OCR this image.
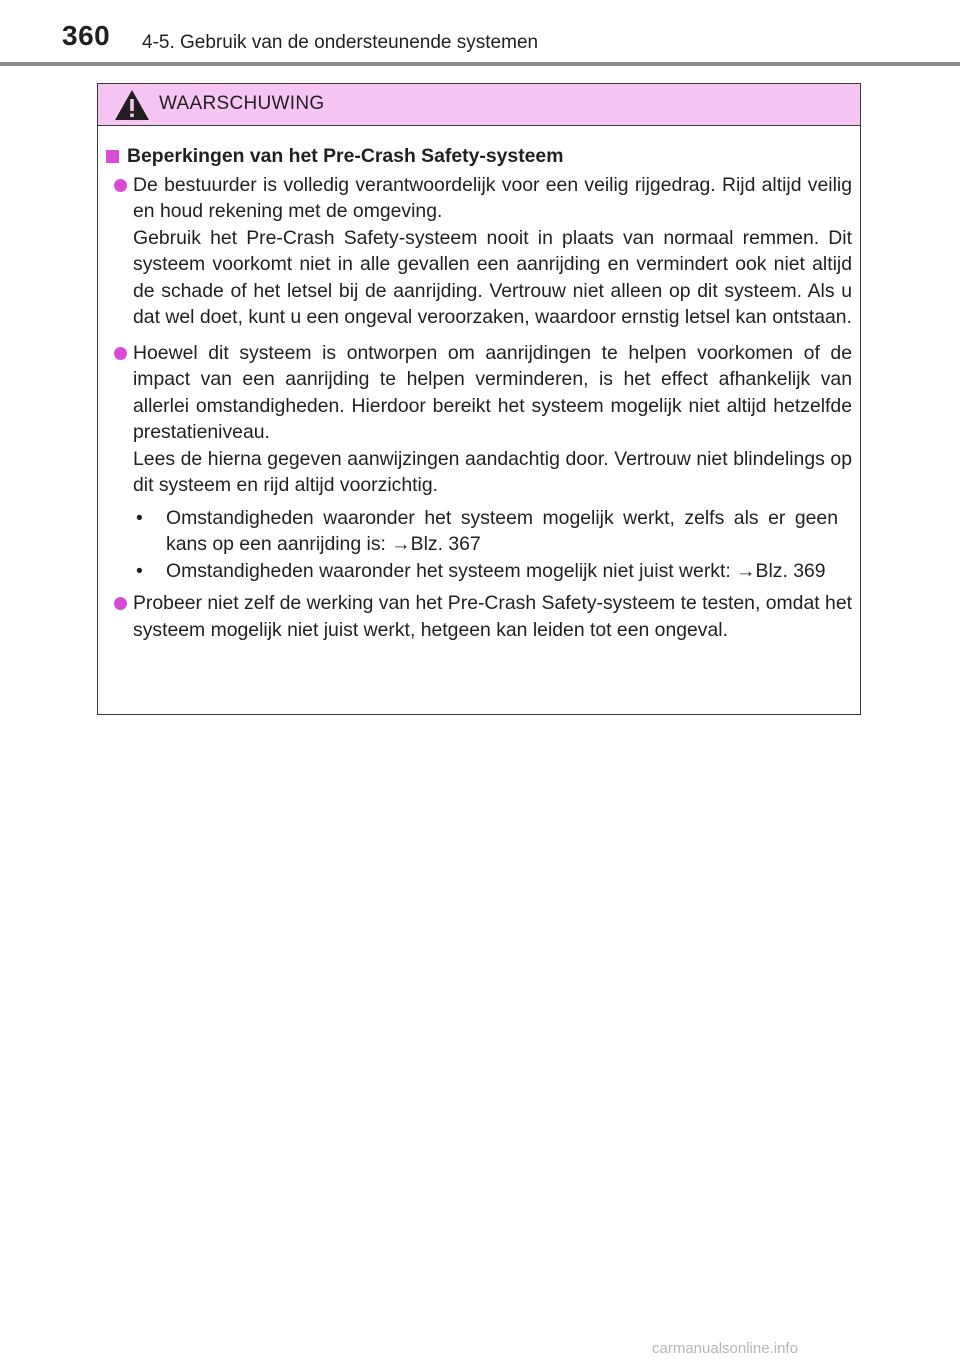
360 4-5. Gebruik van de ondersteunende systemen
WAARSCHUWING
Beperkingen van het Pre-Crash Safety-systeem
De bestuurder is volledig verantwoordelijk voor een veilig rijgedrag. Rijd altijd veilig en houd rekening met de omgeving.
Gebruik het Pre-Crash Safety-systeem nooit in plaats van normaal remmen. Dit systeem voorkomt niet in alle gevallen een aanrijding en vermindert ook niet altijd de schade of het letsel bij de aanrijding. Vertrouw niet alleen op dit systeem. Als u dat wel doet, kunt u een ongeval veroorzaken, waardoor ernstig letsel kan ontstaan.
Hoewel dit systeem is ontworpen om aanrijdingen te helpen voorkomen of de impact van een aanrijding te helpen verminderen, is het effect afhankelijk van allerlei omstandigheden. Hierdoor bereikt het systeem mogelijk niet altijd hetzelfde prestatieniveau.
Lees de hierna gegeven aanwijzingen aandachtig door. Vertrouw niet blindelings op dit systeem en rijd altijd voorzichtig.
•	Omstandigheden waaronder het systeem mogelijk werkt, zelfs als er geen kans op een aanrijding is: →Blz. 367
•	Omstandigheden waaronder het systeem mogelijk niet juist werkt: →Blz. 369
Probeer niet zelf de werking van het Pre-Crash Safety-systeem te testen, omdat het systeem mogelijk niet juist werkt, hetgeen kan leiden tot een ongeval.
carmanualsonline.info
